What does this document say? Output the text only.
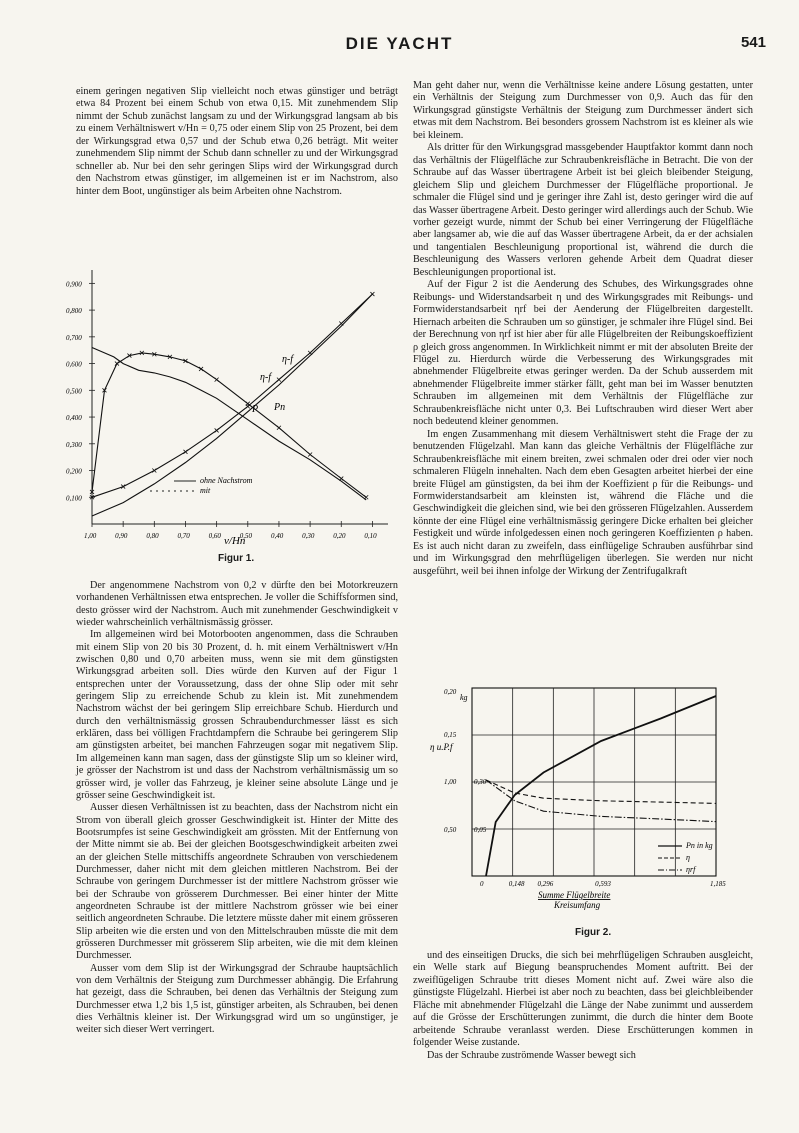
DIE YACHT	541

einem geringen negativen Slip vielleicht noch etwas günstiger und beträgt etwa 84 Prozent bei einem Schub von etwa 0,15. Mit zunehmendem Slip nimmt der Schub zunächst langsam zu und der Wirkungsgrad langsam ab bis zu einem Verhältniswert v/Hn = 0,75 oder einem Slip von 25 Prozent, bei dem der Wirkungsgrad etwa 0,57 und der Schub etwa 0,26 beträgt. Mit weiter zunehmendem Slip nimmt der Schub dann schneller zu und der Wirkungsgrad schneller ab. Nur bei den sehr geringen Slips wird der Wirkungsgrad durch den Nachstrom etwas günstiger, im allgemeinen ist er im Nachstrom, also hinter dem Boot, ungünstiger als beim Arbeiten ohne Nachstrom.

0,900
0,800
0,700
0,600
0,500
0,400
0,300
0,200
0,100
1,00	0,90	0,80	0,70	0,60	0,50	0,40	0,30	0,20	0,10
η-f
η-f
P Pn
ohne Nachstrom
mit
v/Hn
Figur 1.

Der angenommene Nachstrom von 0,2 v dürfte den bei Motorkreuzern vorhandenen Verhältnissen etwa entsprechen. Je voller die Schiffsformen sind, desto grösser wird der Nachstrom. Auch mit zunehmender Geschwindigkeit v wieder wahrscheinlich verhältnismässig grösser.

Im allgemeinen wird bei Motorbooten angenommen, dass die Schrauben mit einem Slip von 20 bis 30 Prozent, d. h. mit einem Verhältniswert v/Hn zwischen 0,80 und 0,70 arbeiten muss, wenn sie mit dem günstigsten Wirkungsgrad arbeiten soll. Dies würde den Kurven auf der Figur 1 entsprechen unter der Voraussetzung, dass der ohne Slip oder mit sehr geringem Slip zu erreichende Schub zu klein ist. Mit zunehmendem Nachstrom wächst der bei geringem Slip erreichbare Schub. Hierdurch und durch den verhältnismässig grossen Schraubendurchmesser lässt es sich erklären, dass bei völligen Frachtdampfern die Schraube bei geringerem Slip am günstigsten arbeitet, bei manchen Fahrzeugen sogar mit negativem Slip. Im allgemeinen kann man sagen, dass der günstigste Slip um so kleiner wird, je grösser der Nachstrom ist und dass der Nachstrom verhältnismässig um so grösser wird, je voller das Fahrzeug, je kleiner seine absolute Länge und je grösser seine Geschwindigkeit ist.

Ausser diesen Verhältnissen ist zu beachten, dass der Nachstrom nicht ein Strom von überall gleich grosser Geschwindigkeit ist. Hinter der Mitte des Bootsrumpfes ist seine Geschwindigkeit am grössten. Mit der Entfernung von der Mitte nimmt sie ab. Bei der gleichen Bootsgeschwindigkeit arbeiten zwei an der gleichen Stelle mittschiffs angeordnete Schrauben von verschiedenem Durchmesser, daher nicht mit dem gleichen mittleren Nachstrom. Bei der Schraube von geringem Durchmesser ist der mittlere Nachstrom grösser wie bei der Schraube von grösserem Durchmesser. Bei einer hinter der Mitte angeordneten Schraube ist der mittlere Nachstrom grösser wie bei einer seitlich angeordneten Schraube. Die letztere müsste daher mit einem grösseren Slip arbeiten wie die ersten und von den Mittelschrauben müsste die mit dem grösseren Durchmesser mit grösserem Slip arbeiten, wie die mit dem kleinen Durchmesser.

Ausser vom dem Slip ist der Wirkungsgrad der Schraube hauptsächlich von dem Verhältnis der Steigung zum Durchmesser abhängig. Die Erfahrung hat gezeigt, dass die Schrauben, bei denen das Verhältnis der Steigung zum Durchmesser etwa 1,2 bis 1,5 ist, günstiger arbeiten, als Schrauben, bei denen dies Verhältnis kleiner ist. Der Wirkungsgrad wird um so ungünstiger, je weiter sich dieser Wert verringert.

Man geht daher nur, wenn die Verhältnisse keine andere Lösung gestatten, unter ein Verhältnis der Steigung zum Durchmesser von 0,9. Auch das für den Wirkungsgrad günstigste Verhältnis der Steigung zum Durchmesser ändert sich etwas mit dem Nachstrom. Bei besonders grossem Nachstrom ist es kleiner als wie bei kleinem.

Als dritter für den Wirkungsgrad massgebender Hauptfaktor kommt dann noch das Verhältnis der Flügelfläche zur Schraubenkreisfläche in Betracht. Die von der Schraube auf das Wasser übertragene Arbeit ist bei gleich bleibender Steigung, gleichem Slip und gleichem Durchmesser der Flügelfläche proportional. Je schmaler die Flügel sind und je geringer ihre Zahl ist, desto geringer wird die auf das Wasser übertragene Arbeit. Desto geringer wird allerdings auch der Schub. Wie vorher gezeigt wurde, nimmt der Schub bei einer Verringerung der Flügelfläche aber langsamer ab, wie die auf das Wasser übertragene Arbeit, da er der achsialen und tangentialen Beschleunigung proportional ist, während die durch die Beschleunigung des Wassers verloren gehende Arbeit dem Quadrat dieser Beschleunigungen proportional ist.

Auf der Figur 2 ist die Aenderung des Schubes, des Wirkungsgrades ohne Reibungs- und Widerstandsarbeit η und des Wirkungsgrades mit Reibungs- und Formwiderstandsarbeit ηrf bei der Aenderung der Flügelbreiten dargestellt. Hiernach arbeiten die Schrauben um so günstiger, je schmaler ihre Flügel sind. Bei der Berechnung von ηrf ist hier aber für alle Flügelbreiten der Reibungskoeffizient ρ gleich gross angenommen. In Wirklichkeit nimmt er mit der absoluten Breite der Flügel zu. Hierdurch würde die Verbesserung des Wirkungsgrades mit abnehmender Flügelbreite etwas geringer werden. Da der Schub ausserdem mit abnehmender Flügelbreite immer stärker fällt, geht man bei im Wasser benutzten Schrauben im allgemeinen mit dem Verhältnis der Flügelfläche zur Schraubenkreisfläche nicht unter 0,3. Bei Luftschrauben wird dieser Wert aber noch bedeutend kleiner genommen.

Im engen Zusammenhang mit diesem Verhältniswert steht die Frage der zu benutzenden Flügelzahl. Man kann das gleiche Verhältnis der Flügelfläche zur Schraubenkreisfläche mit einem breiten, zwei schmalen oder drei oder vier noch schmaleren Flügeln innehalten. Nach dem eben Gesagten arbeitet hierbei der eine breite Flügel am günstigsten, da bei ihm der Koeffizient ρ für die Reibungs- und Formwiderstandsarbeit am kleinsten ist, während die Fläche und die Geschwindigkeit die gleichen sind, wie bei den grösseren Flügelzahlen. Ausserdem könnte der eine Flügel eine verhältnismässig geringere Dicke erhalten bei gleicher Festigkeit und würde infolgedessen einen noch geringeren Koeffizienten ρ haben. Es ist auch nicht daran zu zweifeln, dass einflügelige Schrauben ausführbar sind und im Wirkungsgrad den mehrflügeligen überlegen. Sie werden nur nicht ausgeführt, weil bei ihnen infolge der Wirkung der Zentrifugalkraft

0,20
0,15
1,00
0,50
0,30
0,05
0	0,148 0,296	0,593	1,185
kg
η u.P.f
Pn in kg
η
ηrf
Summe Flügelbreite
Kreisumfang
Figur 2.

und des einseitigen Drucks, die sich bei mehrflügeligen Schrauben ausgleicht, ein Welle stark auf Biegung beanspruchendes Moment auftritt. Bei der zweiflügeligen Schraube tritt dieses Moment nicht auf. Zwei wäre also die günstigste Flügelzahl. Hierbei ist aber noch zu beachten, dass bei gleichbleibender Fläche mit abnehmender Flügelzahl die Länge der Nabe zunimmt und ausserdem auf die Grösse der Erschütterungen zunimmt, die durch die hinter dem Boote arbeitende Schraube veranlasst werden. Diese Erschütterungen kommen in folgender Weise zustande.

Das der Schraube zuströmende Wasser bewegt sich
